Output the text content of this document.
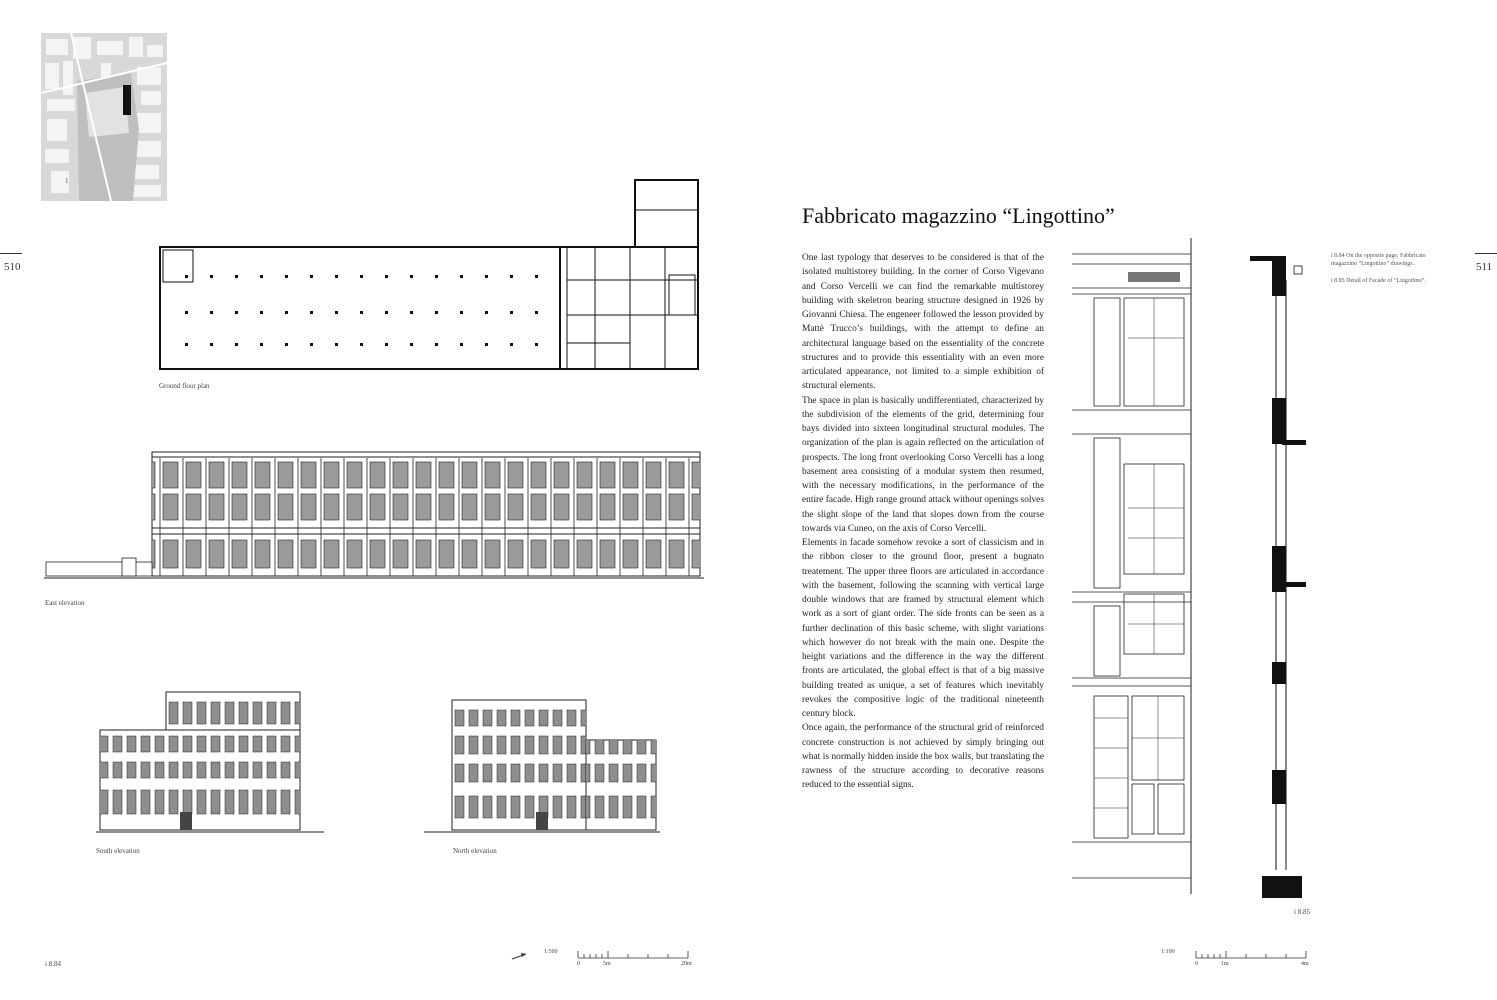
510	511
1
Ground floor plan
East elevation
South elevation	North elevation
i 8.84
1:500
0	5m	20m
Fabbricato magazzino “Lingottino”

One last typology that deserves to be considered is that of the isolated multistorey building. In the corner of Corso Vigevano and Corso Vercelli we can find the remarkable multistorey building with skeletron bearing structure designed in 1926 by Giovanni Chiesa. The engeneer followed the lesson provided by Mattè Trucco’s buildings, with the attempt to define an architectural language based on the essentiality of the concrete structures and to provide this essentiality with an even more articulated appearance, not limited to a simple exhibition of structural elements.

The space in plan is basically undifferentiated, characterized by the subdivision of the elements of the grid, determining four bays divided into sixteen longitudinal structural modules. The organization of the plan is again reflected on the articulation of prospects. The long front overlooking Corso Vercelli has a long basement area consisting of a modular system then resumed, with the necessary modifications, in the performance of the entire facade. High range ground attack without openings solves the slight slope of the land that slopes down from the course towards via Cuneo, on the axis of Corso Vercelli.

Elements in facade somehow revoke a sort of classicism and in the ribbon closer to the ground floor, present a bugnato treatement. The upper three floors are articulated in accordance with the basement, following the scanning with vertical large double windows that are framed by structural element which work as a sort of giant order. The side fronts can be seen as a further declination of this basic scheme, with slight variations which however do not break with the main one. Despite the height variations and the difference in the way the different fronts are articulated, the global effect is that of a big massive building treated as unique, a set of features which inevitably revokes the compositive logic of the traditional nineteenth century block.

Once again, the performance of the structural grid of reinforced concrete construction is not achieved by simply bringing out what is normally hidden inside the box walls, but translating the rawness of the structure according to decorative reasons reduced to the essential signs.

i 8.84 On the opposite page, Fabbricato magazzino “Lingottino” drawings.
i 8.85 Detail of Facade of “Lingottino”.
i 8.85
1:100
0	1m	4m
